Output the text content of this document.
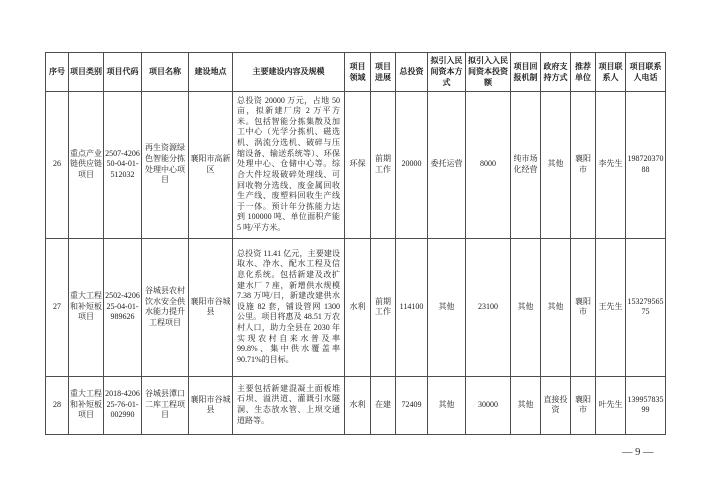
序号	项目类别	项目代码	项目名称	建设地点	主要建设内容及规模	项目领域	项目进展	总投资	拟引入民间资本方式	拟引入入民间资本投资额	项目回报机制	政府支持方式	推荐单位	项目联系人	项目联系人电话
26	重点产业链供应链项目	2507-420650-04-01-512032	再生资源绿色智能分拣处理中心项目	襄阳市高新区	总投资 20000 万元，占地 50 亩，拟新建厂房 2 万平方米。包括智能分拣集散及加工中心（光学分拣机、磁选机、涡流分选机、破碎与压缩设备、输送系统等）、环保处理中心、仓储中心等。综合大件垃圾破碎处理线、可回收物分选线、废金属回收生产线、废塑料回收生产线于一体。预计年分拣能力达到 100000 吨、单位面积产能 5 吨/平方米。	环保	前期工作	20000	委托运营	8000	纯市场化经营	其他	襄阳市	李先生	19872037088
27	重大工程和补短板项目	2502-420625-04-01-989626	谷城县农村饮水安全供水能力提升工程项目	襄阳市谷城县	总投资 11.41 亿元，主要建设取水、净水、配水工程及信息化系统。包括新建及改扩建水厂 7 座，新增供水规模 7.38 万吨/日，新建改建供水设施 82 套，铺设管网 1300 公里。项目将惠及 48.51 万农村人口，助力全县在 2030 年实现农村自来水普及率 99.8%、集中供水覆盖率 90.71%的目标。	水利	前期工作	114100	其他	23100	其他	其他	襄阳市	王先生	15327956575
28	重大工程和补短板项目	2018-420625-76-01-002990	谷城县潭口二库工程项目	襄阳市谷城县	主要包括新建混凝土面板堆石坝、溢洪道、灌溉引水隧洞、生态放水管、上坝交通道路等。	水利	在建	72409	其他	30000	其他	直接投资	襄阳市	叶先生	13995783599
— 9 —
